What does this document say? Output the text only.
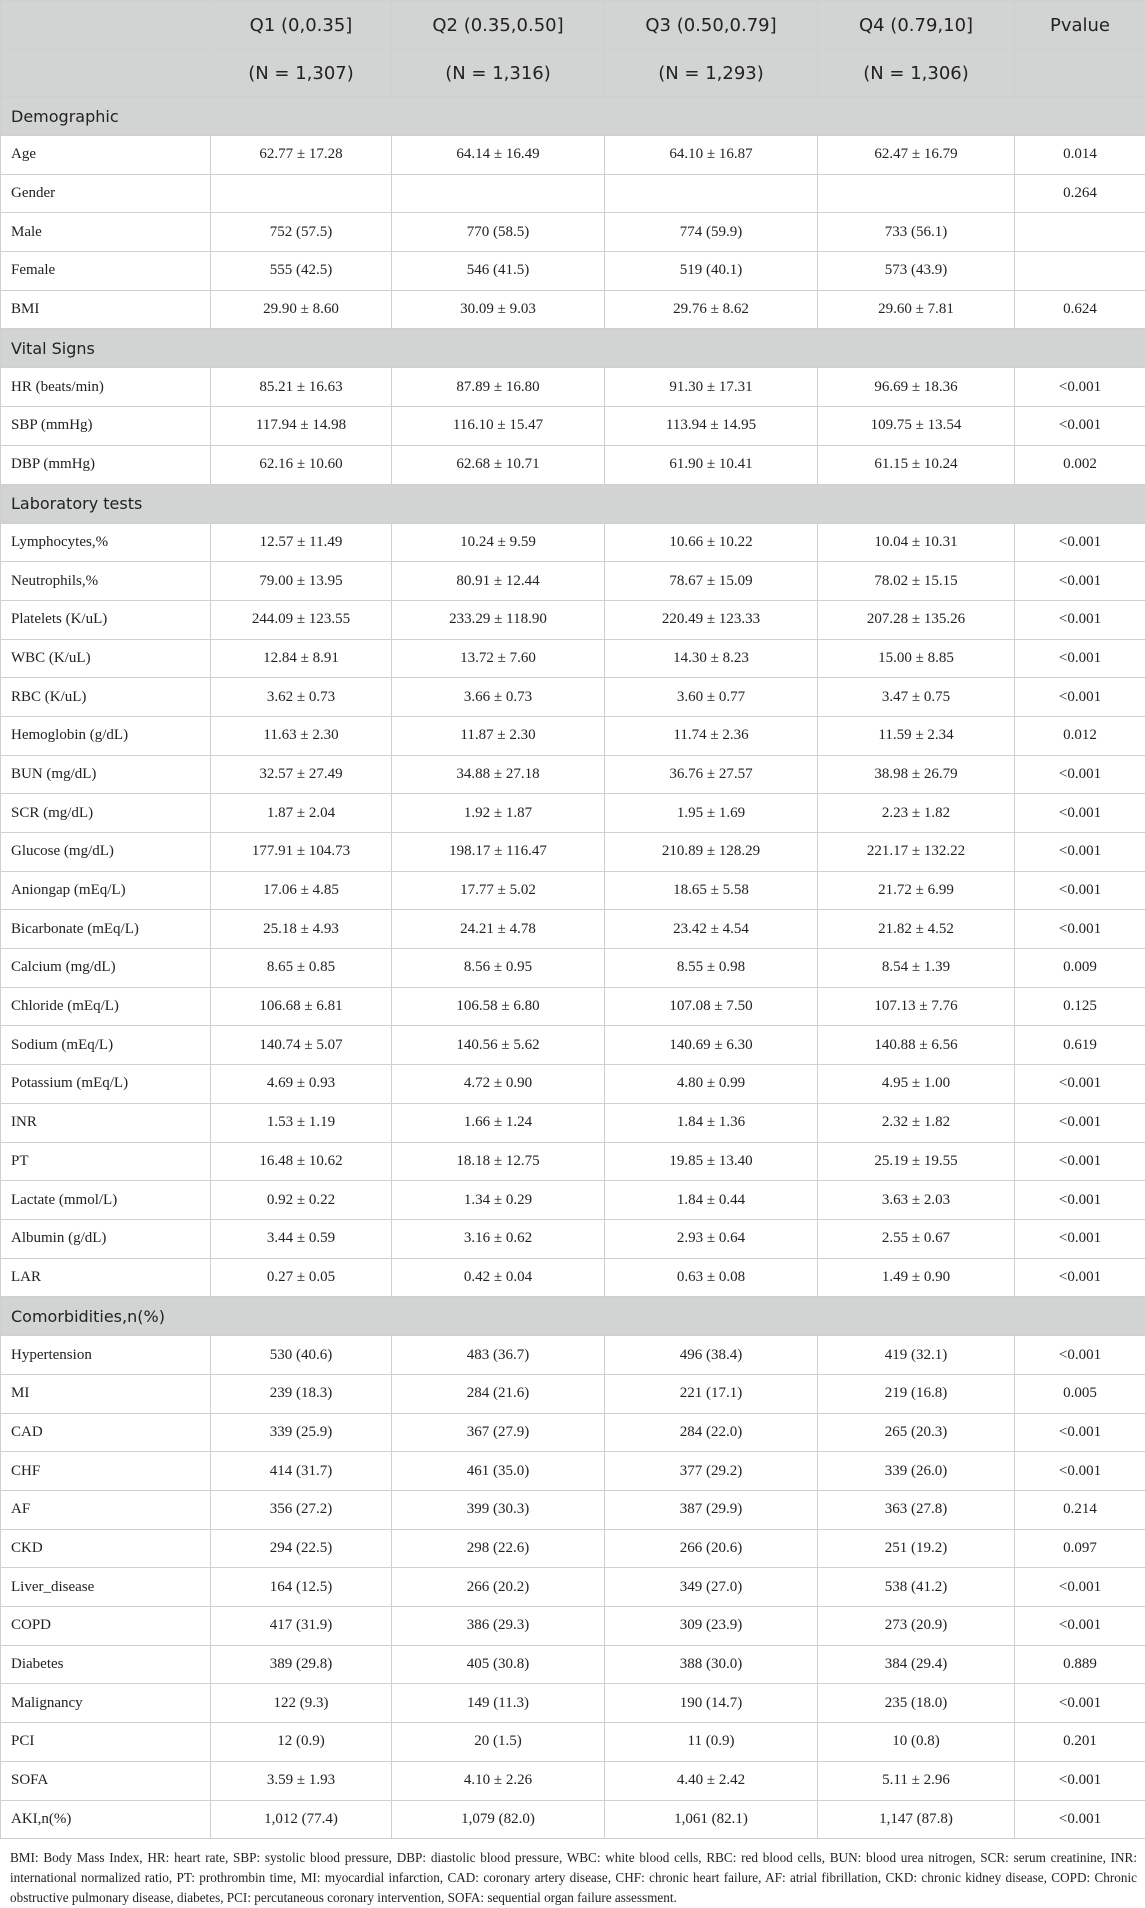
	Q1 (0,0.35]	Q2 (0.35,0.50]	Q3 (0.50,0.79]	Q4 (0.79,10]	Pvalue
	(N = 1,307)	(N = 1,316)	(N = 1,293)	(N = 1,306)	
Demographic					
Age	62.77 ± 17.28	64.14 ± 16.49	64.10 ± 16.87	62.47 ± 16.79	0.014
Gender					0.264
Male	752 (57.5)	770 (58.5)	774 (59.9)	733 (56.1)	
Female	555 (42.5)	546 (41.5)	519 (40.1)	573 (43.9)	
BMI	29.90 ± 8.60	30.09 ± 9.03	29.76 ± 8.62	29.60 ± 7.81	0.624
Vital Signs					
HR (beats/min)	85.21 ± 16.63	87.89 ± 16.80	91.30 ± 17.31	96.69 ± 18.36	<0.001
SBP (mmHg)	117.94 ± 14.98	116.10 ± 15.47	113.94 ± 14.95	109.75 ± 13.54	<0.001
DBP (mmHg)	62.16 ± 10.60	62.68 ± 10.71	61.90 ± 10.41	61.15 ± 10.24	0.002
Laboratory tests					
Lymphocytes,%	12.57 ± 11.49	10.24 ± 9.59	10.66 ± 10.22	10.04 ± 10.31	<0.001
Neutrophils,%	79.00 ± 13.95	80.91 ± 12.44	78.67 ± 15.09	78.02 ± 15.15	<0.001
Platelets (K/uL)	244.09 ± 123.55	233.29 ± 118.90	220.49 ± 123.33	207.28 ± 135.26	<0.001
WBC (K/uL)	12.84 ± 8.91	13.72 ± 7.60	14.30 ± 8.23	15.00 ± 8.85	<0.001
RBC (K/uL)	3.62 ± 0.73	3.66 ± 0.73	3.60 ± 0.77	3.47 ± 0.75	<0.001
Hemoglobin (g/dL)	11.63 ± 2.30	11.87 ± 2.30	11.74 ± 2.36	11.59 ± 2.34	0.012
BUN (mg/dL)	32.57 ± 27.49	34.88 ± 27.18	36.76 ± 27.57	38.98 ± 26.79	<0.001
SCR (mg/dL)	1.87 ± 2.04	1.92 ± 1.87	1.95 ± 1.69	2.23 ± 1.82	<0.001
Glucose (mg/dL)	177.91 ± 104.73	198.17 ± 116.47	210.89 ± 128.29	221.17 ± 132.22	<0.001
Aniongap (mEq/L)	17.06 ± 4.85	17.77 ± 5.02	18.65 ± 5.58	21.72 ± 6.99	<0.001
Bicarbonate (mEq/L)	25.18 ± 4.93	24.21 ± 4.78	23.42 ± 4.54	21.82 ± 4.52	<0.001
Calcium (mg/dL)	8.65 ± 0.85	8.56 ± 0.95	8.55 ± 0.98	8.54 ± 1.39	0.009
Chloride (mEq/L)	106.68 ± 6.81	106.58 ± 6.80	107.08 ± 7.50	107.13 ± 7.76	0.125
Sodium (mEq/L)	140.74 ± 5.07	140.56 ± 5.62	140.69 ± 6.30	140.88 ± 6.56	0.619
Potassium (mEq/L)	4.69 ± 0.93	4.72 ± 0.90	4.80 ± 0.99	4.95 ± 1.00	<0.001
INR	1.53 ± 1.19	1.66 ± 1.24	1.84 ± 1.36	2.32 ± 1.82	<0.001
PT	16.48 ± 10.62	18.18 ± 12.75	19.85 ± 13.40	25.19 ± 19.55	<0.001
Lactate (mmol/L)	0.92 ± 0.22	1.34 ± 0.29	1.84 ± 0.44	3.63 ± 2.03	<0.001
Albumin (g/dL)	3.44 ± 0.59	3.16 ± 0.62	2.93 ± 0.64	2.55 ± 0.67	<0.001
LAR	0.27 ± 0.05	0.42 ± 0.04	0.63 ± 0.08	1.49 ± 0.90	<0.001
Comorbidities,n(%)					
Hypertension	530 (40.6)	483 (36.7)	496 (38.4)	419 (32.1)	<0.001
MI	239 (18.3)	284 (21.6)	221 (17.1)	219 (16.8)	0.005
CAD	339 (25.9)	367 (27.9)	284 (22.0)	265 (20.3)	<0.001
CHF	414 (31.7)	461 (35.0)	377 (29.2)	339 (26.0)	<0.001
AF	356 (27.2)	399 (30.3)	387 (29.9)	363 (27.8)	0.214
CKD	294 (22.5)	298 (22.6)	266 (20.6)	251 (19.2)	0.097
Liver_disease	164 (12.5)	266 (20.2)	349 (27.0)	538 (41.2)	<0.001
COPD	417 (31.9)	386 (29.3)	309 (23.9)	273 (20.9)	<0.001
Diabetes	389 (29.8)	405 (30.8)	388 (30.0)	384 (29.4)	0.889
Malignancy	122 (9.3)	149 (11.3)	190 (14.7)	235 (18.0)	<0.001
PCI	12 (0.9)	20 (1.5)	11 (0.9)	10 (0.8)	0.201
SOFA	3.59 ± 1.93	4.10 ± 2.26	4.40 ± 2.42	5.11 ± 2.96	<0.001
AKI,n(%)	1,012 (77.4)	1,079 (82.0)	1,061 (82.1)	1,147 (87.8)	<0.001
BMI: Body Mass Index, HR: heart rate, SBP: systolic blood pressure, DBP: diastolic blood pressure, WBC: white blood cells, RBC: red blood cells, BUN: blood urea nitrogen, SCR: serum creatinine, INR: international normalized ratio, PT: prothrombin time, MI: myocardial infarction, CAD: coronary artery disease, CHF: chronic heart failure, AF: atrial fibrillation, CKD: chronic kidney disease, COPD: Chronic obstructive pulmonary disease, diabetes, PCI: percutaneous coronary intervention, SOFA: sequential organ failure assessment.
